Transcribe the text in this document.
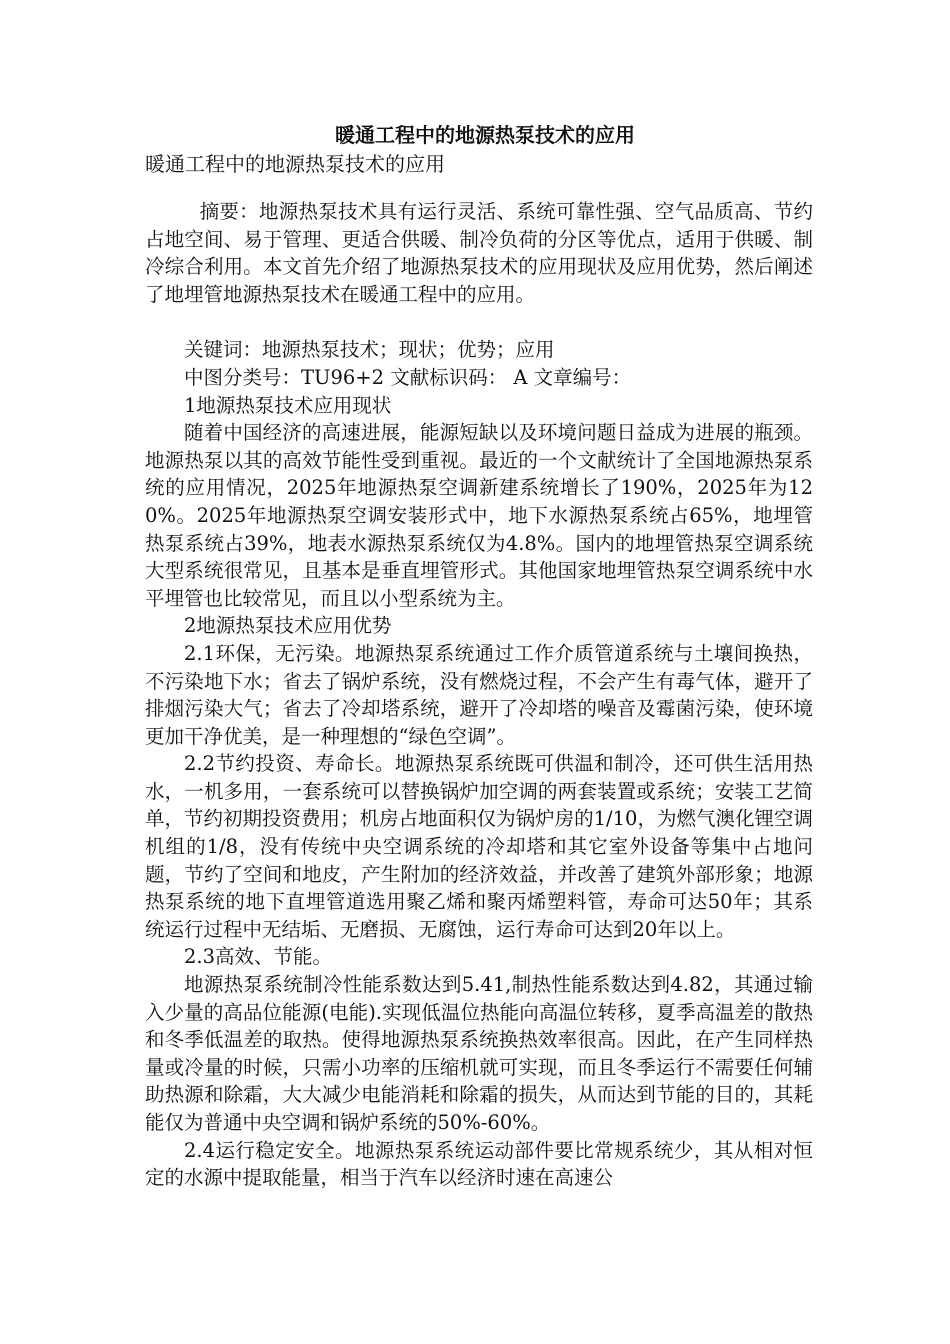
暖通工程中的地源热泵技术的应用

暖通工程中的地源热泵技术的应用

摘要：地源热泵技术具有运行灵活、系统可靠性强、空气品质高、节约占地空间、易于管理、更适合供暖、制冷负荷的分区等优点，适用于供暖、制冷综合利用。本文首先介绍了地源热泵技术的应用现状及应用优势，然后阐述了地埋管地源热泵技术在暖通工程中的应用。

关键词：地源热泵技术；现状；优势；应用

中图分类号：TU96+2 文献标识码： A 文章编号：

1地源热泵技术应用现状

随着中国经济的高速进展，能源短缺以及环境问题日益成为进展的瓶颈。地源热泵以其的高效节能性受到重视。最近的一个文献统计了全国地源热泵系统的应用情况，2025年地源热泵空调新建系统增长了190%，2025年为120%。2025年地源热泵空调安装形式中，地下水源热泵系统占65%，地埋管热泵系统占39%，地表水源热泵系统仅为4.8%。国内的地埋管热泵空调系统大型系统很常见，且基本是垂直埋管形式。其他国家地埋管热泵空调系统中水平埋管也比较常见，而且以小型系统为主。

2地源热泵技术应用优势

2.1环保，无污染。地源热泵系统通过工作介质管道系统与土壤间换热，不污染地下水；省去了锅炉系统，没有燃烧过程，不会产生有毒气体，避开了排烟污染大气；省去了冷却塔系统，避开了冷却塔的噪音及霉菌污染，使环境更加干净优美，是一种理想的“绿色空调”。

2.2节约投资、寿命长。地源热泵系统既可供温和制冷，还可供生活用热水，一机多用，一套系统可以替换锅炉加空调的两套装置或系统；安装工艺简单，节约初期投资费用；机房占地面积仅为锅炉房的1/10，为燃气澳化锂空调机组的1/8，没有传统中央空调系统的冷却塔和其它室外设备等集中占地问题，节约了空间和地皮，产生附加的经济效益，并改善了建筑外部形象；地源热泵系统的地下直埋管道选用聚乙烯和聚丙烯塑料管，寿命可达50年；其系统运行过程中无结垢、无磨损、无腐蚀，运行寿命可达到20年以上。

2.3高效、节能。

地源热泵系统制冷性能系数达到5.41,制热性能系数达到4.82，其通过输入少量的高品位能源(电能).实现低温位热能向高温位转移，夏季高温差的散热和冬季低温差的取热。使得地源热泵系统换热效率很高。因此，在产生同样热量或冷量的时候，只需小功率的压缩机就可实现，而且冬季运行不需要任何辅助热源和除霜，大大减少电能消耗和除霜的损失，从而达到节能的目的，其耗能仅为普通中央空调和锅炉系统的50%-60%。

2.4运行稳定安全。地源热泵系统运动部件要比常规系统少，其从相对恒定的水源中提取能量，相当于汽车以经济时速在高速公
